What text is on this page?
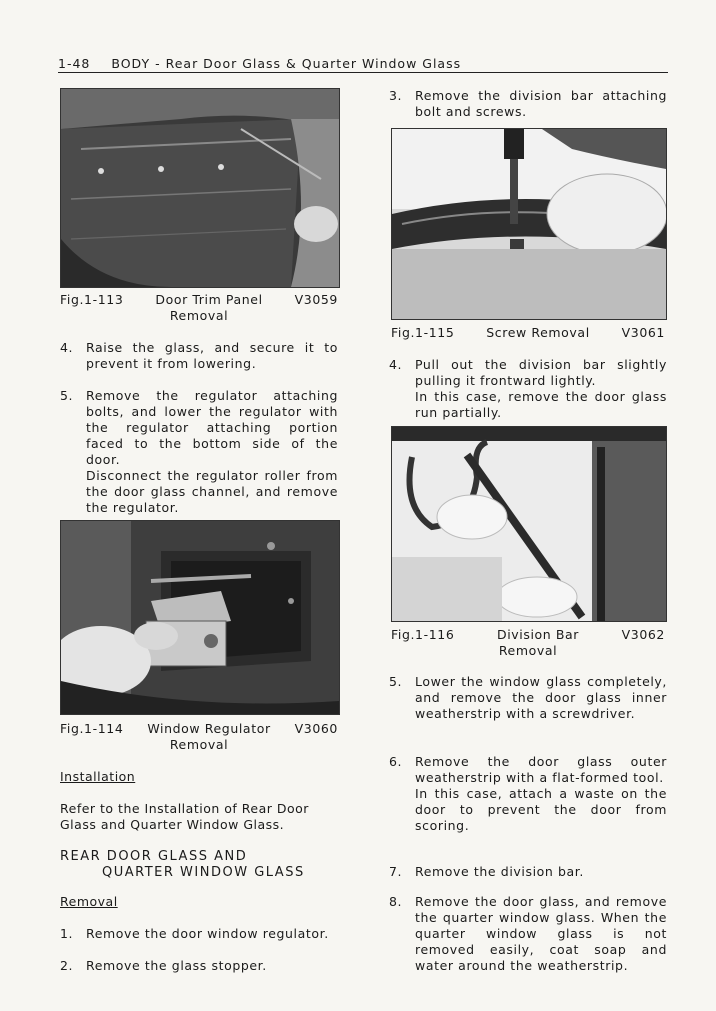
1-48 BODY - Rear Door Glass & Quarter Window Glass
Fig.1-113	Door Trim Panel	V3059
Removal
4.	Raise the glass, and secure it to prevent it from lowering.
5.	Remove the regulator attaching bolts, and lower the regulator with the regulator attaching portion faced to the bottom side of the door.
Disconnect the regulator roller from the door glass channel, and remove the regulator.
Fig.1-114 Window Regulator V3060
Removal
Installation
Refer to the Installation of Rear Door Glass and Quarter Window Glass.
REAR DOOR GLASS AND
QUARTER WINDOW GLASS
Removal
1.	Remove the door window regulator.
2.	Remove the glass stopper.
3.	Remove the division bar attaching bolt and screws.
Fig.1-115	Screw Removal	V3061
4.	Pull out the division bar slightly pulling it frontward lightly.
In this case, remove the door glass run partially.
Fig.1-116	Division Bar	V3062
Removal
5.	Lower the window glass completely, and remove the door glass inner weatherstrip with a screwdriver.
6.	Remove the door glass outer weatherstrip with a flat-formed tool.
In this case, attach a waste on the door to prevent the door from scoring.
7.	Remove the division bar.
8.	Remove the door glass, and remove the quarter window glass. When the quarter window glass is not removed easily, coat soap and water around the weatherstrip.
